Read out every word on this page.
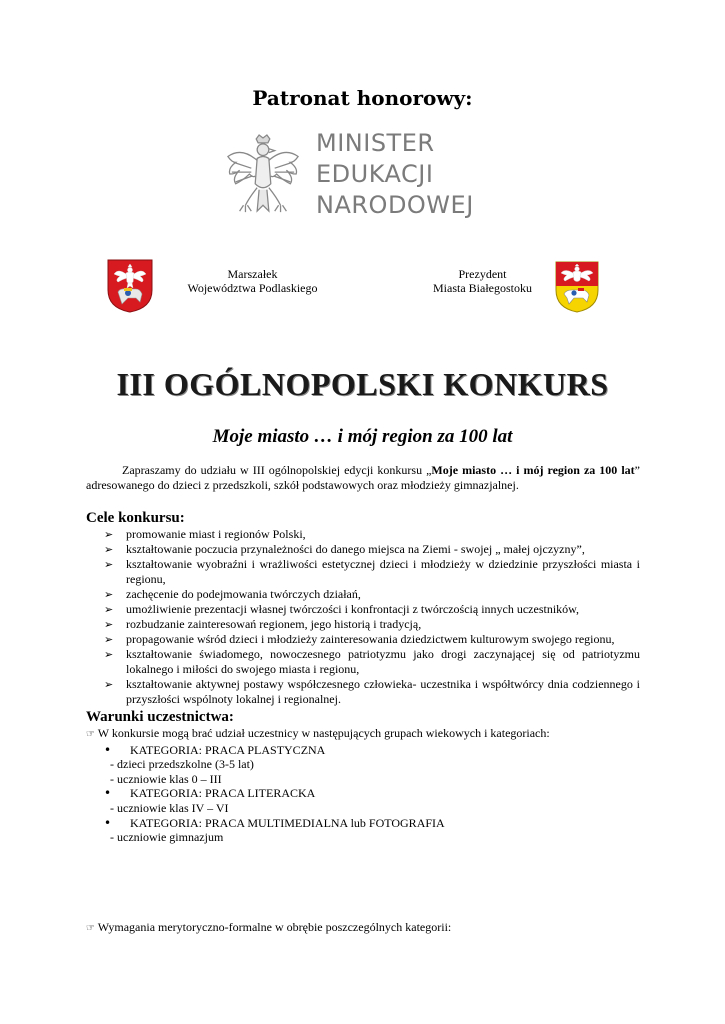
Patronat honorowy:
MINISTER
EDUKACJI
NARODOWEJ
Marszałek
Województwa Podlaskiego
Prezydent
Miasta Białegostoku
III OGÓLNOPOLSKI KONKURS
Moje miasto … i mój region za 100 lat
Zapraszamy do udziału w III ogólnopolskiej edycji konkursu „Moje miasto … i mój region za 100 lat” adresowanego do dzieci z przedszkoli, szkół podstawowych oraz młodzieży gimnazjalnej.
Cele konkursu:
➢	promowanie miast i regionów Polski,
➢	kształtowanie poczucia przynależności do danego miejsca na Ziemi - swojej „ małej ojczyzny”,
➢	kształtowanie wyobraźni i wrażliwości estetycznej dzieci i młodzieży w dziedzinie przyszłości miasta i regionu,
➢	zachęcenie do podejmowania twórczych działań,
➢	umożliwienie prezentacji własnej twórczości i konfrontacji z twórczością innych uczestników,
➢	rozbudzanie zainteresowań regionem, jego historią i tradycją,
➢	propagowanie wśród dzieci i młodzieży zainteresowania dziedzictwem kulturowym swojego regionu,
➢	kształtowanie świadomego, nowoczesnego patriotyzmu jako drogi zaczynającej się od patriotyzmu lokalnego i miłości do swojego miasta i regionu,
➢	kształtowanie aktywnej postawy współczesnego człowieka- uczestnika i współtwórcy dnia codziennego i przyszłości wspólnoty lokalnej i regionalnej.
Warunki uczestnictwa:
☞ W konkursie mogą brać udział uczestnicy w następujących grupach wiekowych i kategoriach:
•	KATEGORIA: PRACA PLASTYCZNA
- dzieci przedszkolne (3-5 lat)
- uczniowie klas 0 – III
•	KATEGORIA: PRACA LITERACKA
- uczniowie klas IV – VI
•	KATEGORIA: PRACA MULTIMEDIALNA lub FOTOGRAFIA
- uczniowie gimnazjum
☞ Wymagania merytoryczno-formalne w obrębie poszczególnych kategorii:
